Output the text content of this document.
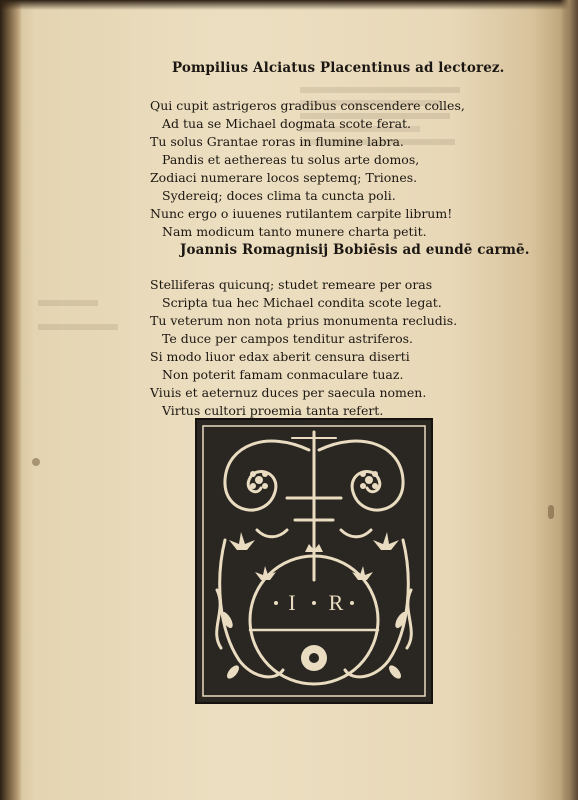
Pompilius Alciatus Placentinus ad lectorez.
Qui cupit astrigeros gradibus conscendere colles,
Ad tua se Michael dogmata scote ferat.
Tu solus Grantae roras in flumine labra.
Pandis et aethereas tu solus arte domos,
Zodiaci numerare locos septemq; Triones.
Sydereiq; doces clima ta cuncta poli.
Nunc ergo o iuuenes rutilantem carpite librum!
Nam modicum tanto munere charta petit.
Joannis Romagnisij Bobiēsis ad eundē carmē.
Stelliferas quicunq; studet remeare per oras
Scripta tua hec Michael condita scote legat.
Tu veterum non nota prius monumenta recludis.
Te duce per campos tenditur astriferos.
Si modo liuor edax aberit censura diserti
Non poterit famam conmaculare tuaz.
Viuis et aeternuz duces per saecula nomen.
Virtus cultori proemia tanta refert.
I R
